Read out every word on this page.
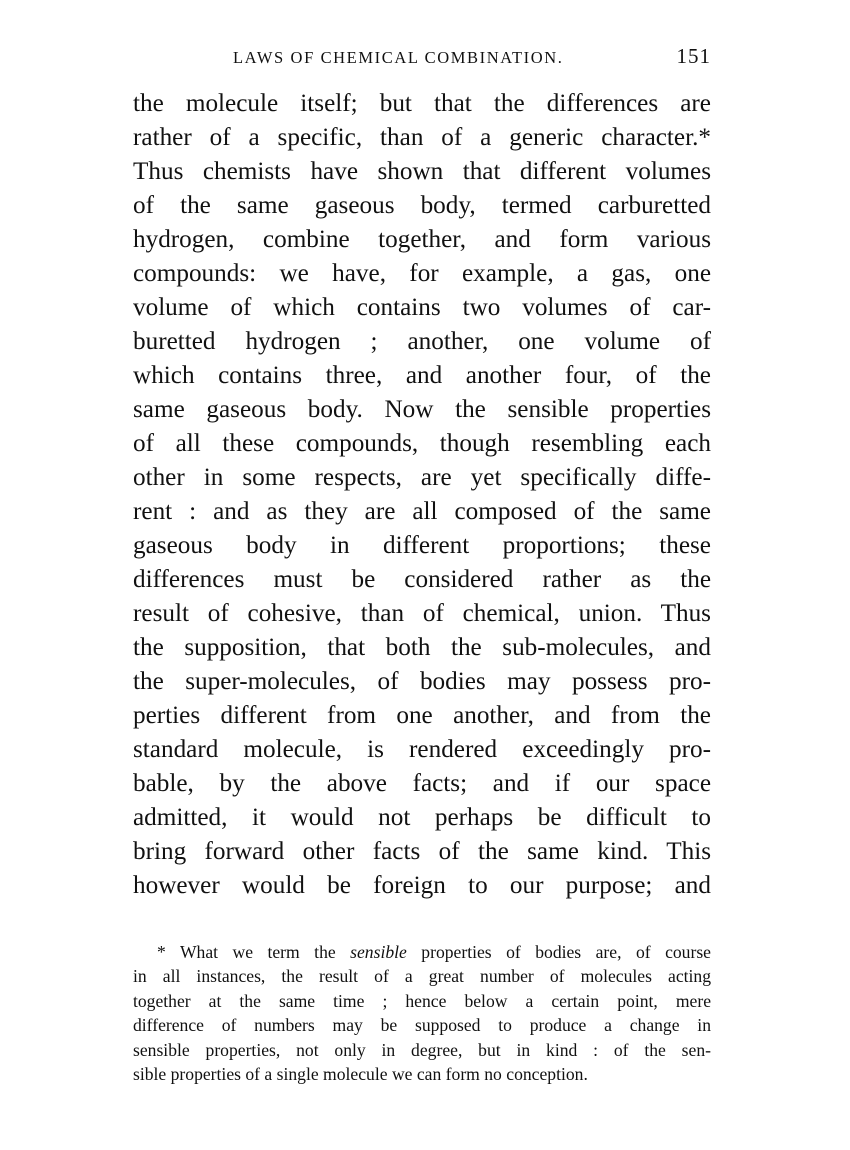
LAWS OF CHEMICAL COMBINATION.	151
the molecule itself; but that the differences are
rather of a specific, than of a generic character.*
Thus chemists have shown that different volumes
of the same gaseous body, termed carburetted
hydrogen, combine together, and form various
compounds: we have, for example, a gas, one
volume of which contains two volumes of car-
buretted hydrogen ; another, one volume of
which contains three, and another four, of the
same gaseous body. Now the sensible properties
of all these compounds, though resembling each
other in some respects, are yet specifically diffe-
rent : and as they are all composed of the same
gaseous body in different proportions; these
differences must be considered rather as the
result of cohesive, than of chemical, union. Thus
the supposition, that both the sub-molecules, and
the super-molecules, of bodies may possess pro-
perties different from one another, and from the
standard molecule, is rendered exceedingly pro-
bable, by the above facts; and if our space
admitted, it would not perhaps be difficult to
bring forward other facts of the same kind. This
however would be foreign to our purpose; and
* What we term the sensible properties of bodies are, of course
in all instances, the result of a great number of molecules acting
together at the same time ; hence below a certain point, mere
difference of numbers may be supposed to produce a change in
sensible properties, not only in degree, but in kind : of the sen-
sible properties of a single molecule we can form no conception.
